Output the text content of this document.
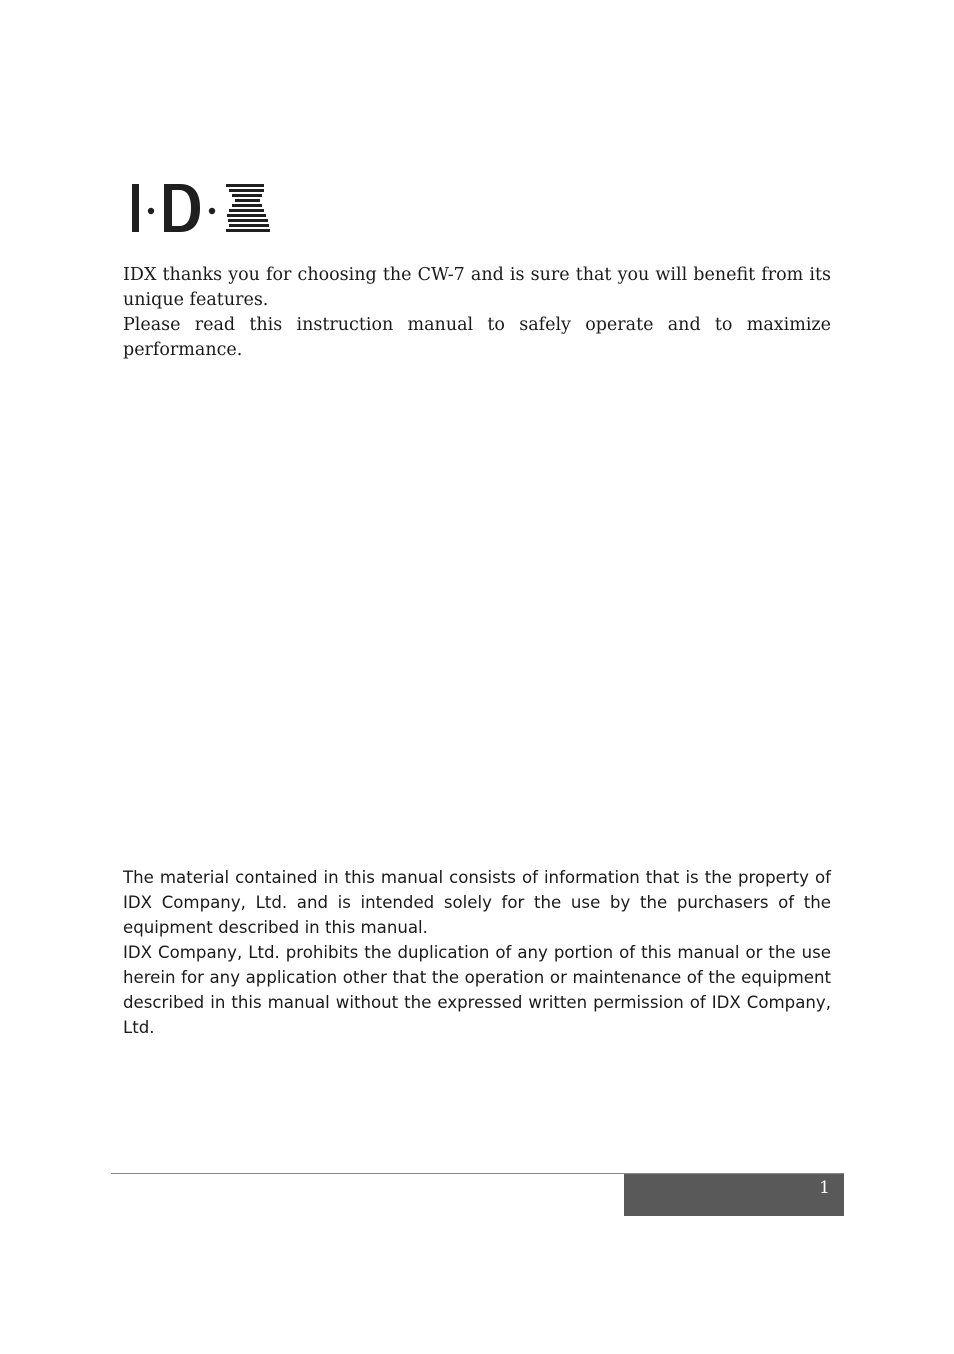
IDX thanks you for choosing the CW-7 and is sure that you will benefit from its unique features.

Please read this instruction manual to safely operate and to maximize performance.

The material contained in this manual consists of information that is the property of IDX Company, Ltd. and is intended solely for the use by the purchasers of the equipment described in this manual.

IDX Company, Ltd. prohibits the duplication of any portion of this manual or the use herein for any application other that the operation or maintenance of the equipment described in this manual without the expressed written permission of IDX Company, Ltd.

1
